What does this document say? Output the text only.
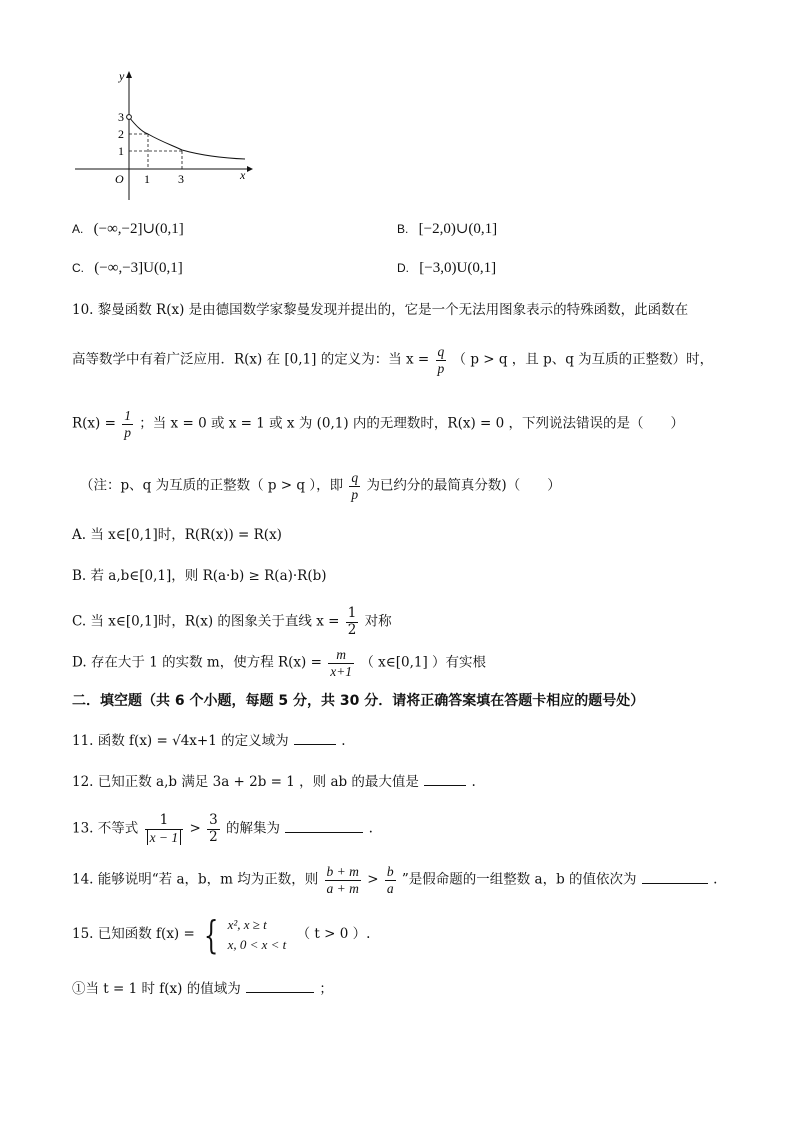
y
x
O
3
2
1
1 3
A. (−∞,−2]∪(0,1]	B. [−2,0)∪(0,1]
C. (−∞,−3]U(0,1]	D. [−3,0)U(0,1]
10. 黎曼函数 R(x) 是由德国数学家黎曼发现并提出的，它是一个无法用图象表示的特殊函数，此函数在
高等数学中有着广泛应用．R(x) 在 [0,1] 的定义为：当 $x = \frac{q}{p}$ （ p > q ，且 p、q 为互质的正整数）时，
$R(x) = \frac{1}{p}$ ；当 x = 0 或 x = 1 或 x 为 (0,1) 内的无理数时，R(x) = 0 ，下列说法错误的是（　　）
（注：p、q 为互质的正整数（ p > q ），即 $\frac{q}{p}$ 为已约分的最简真分数)（　　）
A. 当 x∈[0,1]时，R(R(x)) = R(x)
B. 若 a,b∈[0,1]，则 R(a·b) ≥ R(a)·R(b)
C. 当 x∈[0,1]时，R(x) 的图象关于直线 $x = \frac{1}{2}$ 对称
D. 存在大于 1 的实数 m，使方程 $R(x) = \frac{m}{x+1}$ （ x∈[0,1] ）有实根
二．填空题（共 6 个小题，每题 5 分，共 30 分．请将正确答案填在答题卡相应的题号处）
11. 函数 f(x) = √4x+1 的定义域为	.
12. 已知正数 a,b 满足 3a + 2b = 1 ，则 ab 的最大值是	.
13. 不等式 $\frac{1}{x - 1} > \frac{3}{2}$ 的解集为	.
14. 能够说明“若 a，b，m 均为正数，则 $\frac{b + m}{a + m} > \frac{b}{a}$ ”是假命题的一组整数 a，b 的值依次为	.
15. 已知函数 f(x) = { x², x ≥ t
x, 0 < x < t
（ t > 0 ）.
①当 t = 1 时 f(x) 的值域为	；
